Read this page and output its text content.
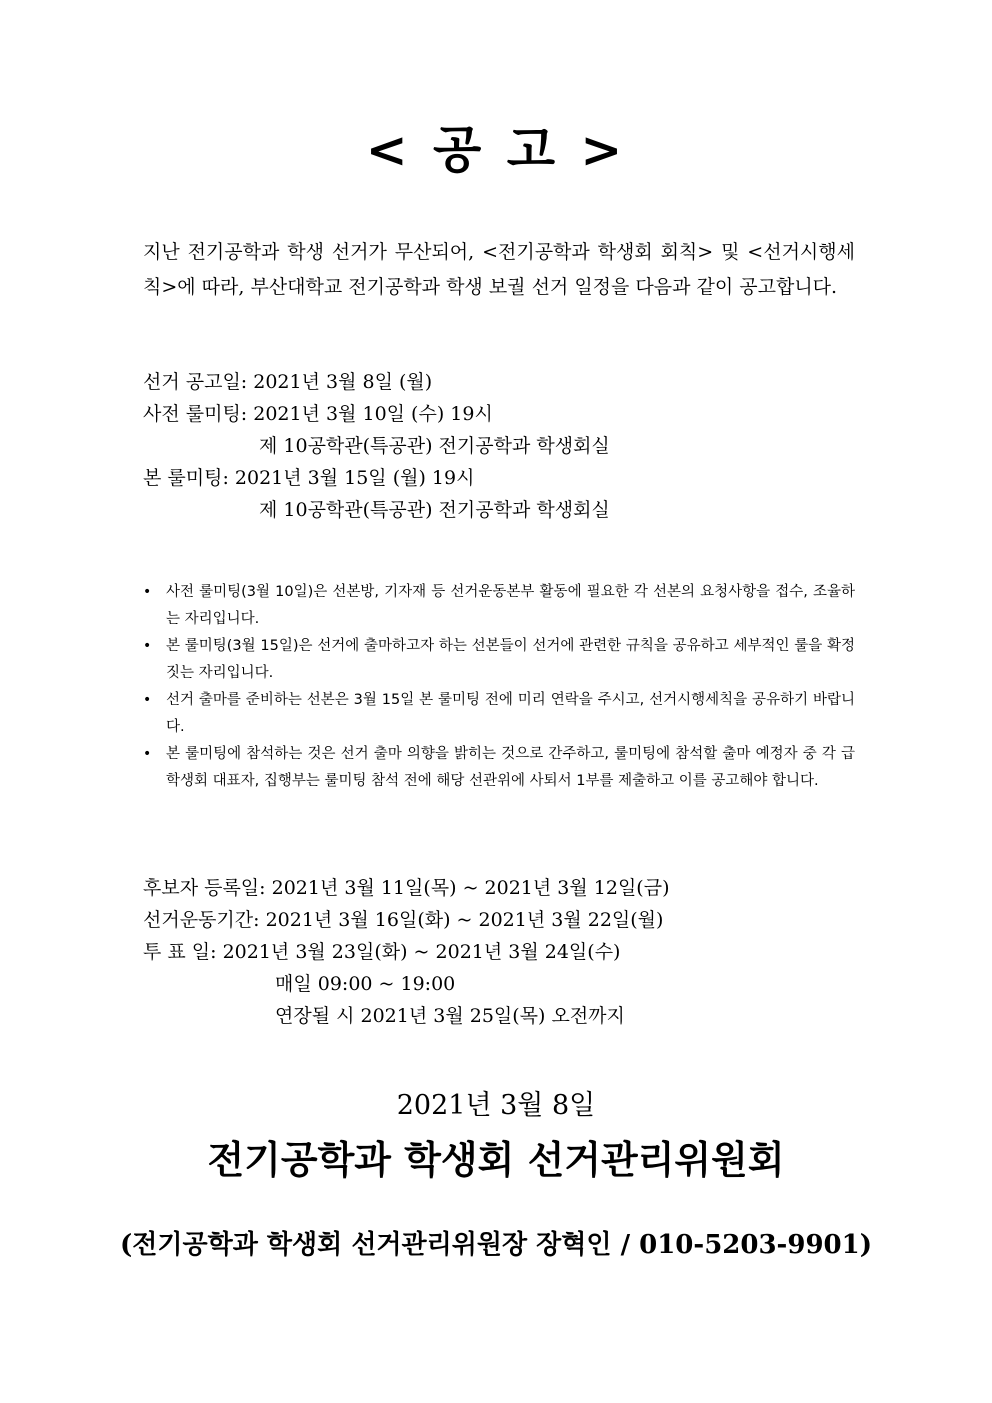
< 공 고 >
지난 전기공학과 학생 선거가 무산되어, <전기공학과 학생회 회칙> 및 <선거시행세칙>에 따라, 부산대학교 전기공학과 학생 보궐 선거 일정을 다음과 같이 공고합니다.
선거 공고일: 2021년 3월 8일 (월)
사전 룰미팅: 2021년 3월 10일 (수) 19시
제 10공학관(특공관) 전기공학과 학생회실
본 룰미팅: 2021년 3월 15일 (월) 19시
제 10공학관(특공관) 전기공학과 학생회실
• 사전 룰미팅(3월 10일)은 선본방, 기자재 등 선거운동본부 활동에 필요한 각 선본의 요청사항을 접수, 조율하는 자리입니다.
• 본 룰미팅(3월 15일)은 선거에 출마하고자 하는 선본들이 선거에 관련한 규칙을 공유하고 세부적인 룰을 확정짓는 자리입니다.
• 선거 출마를 준비하는 선본은 3월 15일 본 룰미팅 전에 미리 연락을 주시고, 선거시행세칙을 공유하기 바랍니다.
• 본 룰미팅에 참석하는 것은 선거 출마 의향을 밝히는 것으로 간주하고, 룰미팅에 참석할 출마 예정자 중 각 급 학생회 대표자, 집행부는 룰미팅 참석 전에 해당 선관위에 사퇴서 1부를 제출하고 이를 공고해야 합니다.
후보자 등록일: 2021년 3월 11일(목) ~ 2021년 3월 12일(금)
선거운동기간: 2021년 3월 16일(화) ~ 2021년 3월 22일(월)
투 표 일: 2021년 3월 23일(화) ~ 2021년 3월 24일(수)
매일 09:00 ~ 19:00
연장될 시 2021년 3월 25일(목) 오전까지
2021년 3월 8일
전기공학과 학생회 선거관리위원회
(전기공학과 학생회 선거관리위원장 장혁인 / 010-5203-9901)
